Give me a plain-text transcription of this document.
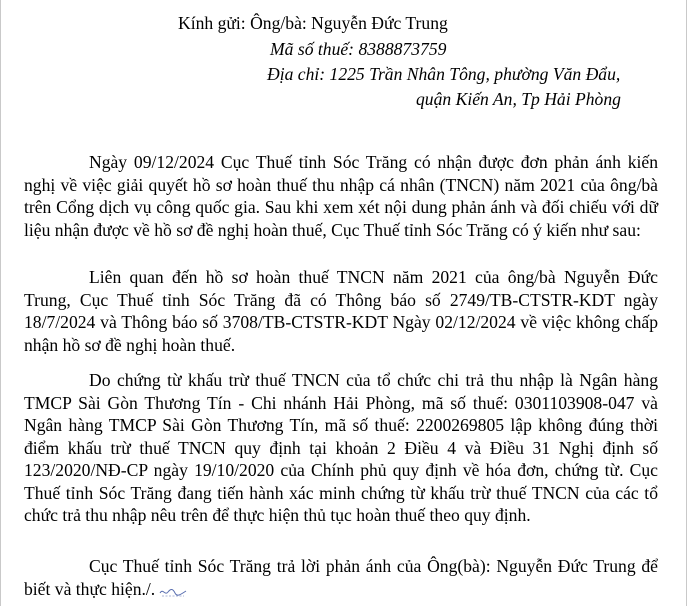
Kính gửi: Ông/bà: Nguyễn Đức Trung
Mã số thuế: 8388873759
Địa chỉ: 1225 Trần Nhân Tông, phường Văn Đẩu,
quận Kiến An, Tp Hải Phòng
Ngày 09/12/2024 Cục Thuế tỉnh Sóc Trăng có nhận được đơn phản ánh kiến nghị về việc giải quyết hồ sơ hoàn thuế thu nhập cá nhân (TNCN) năm 2021 của ông/bà trên Cổng dịch vụ công quốc gia. Sau khi xem xét nội dung phản ánh và đối chiếu với dữ liệu nhận được về hồ sơ đề nghị hoàn thuế, Cục Thuế tỉnh Sóc Trăng có ý kiến như sau:
Liên quan đến hồ sơ hoàn thuế TNCN năm 2021 của ông/bà Nguyễn Đức Trung, Cục Thuế tỉnh Sóc Trăng đã có Thông báo số 2749/TB-CTSTR-KDT ngày 18/7/2024 và Thông báo số 3708/TB-CTSTR-KDT Ngày 02/12/2024 về việc không chấp nhận hồ sơ đề nghị hoàn thuế.
Do chứng từ khấu trừ thuế TNCN của tổ chức chi trả thu nhập là Ngân hàng TMCP Sài Gòn Thương Tín - Chi nhánh Hải Phòng, mã số thuế: 0301103908-047 và Ngân hàng TMCP Sài Gòn Thương Tín, mã số thuế: 2200269805 lập không đúng thời điểm khấu trừ thuế TNCN quy định tại khoản 2 Điều 4 và Điều 31 Nghị định số 123/2020/NĐ-CP ngày 19/10/2020 của Chính phủ quy định về hóa đơn, chứng từ. Cục Thuế tỉnh Sóc Trăng đang tiến hành xác minh chứng từ khấu trừ thuế TNCN của các tổ chức trả thu nhập nêu trên để thực hiện thủ tục hoàn thuế theo quy định.
Cục Thuế tỉnh Sóc Trăng trả lời phản ánh của Ông(bà): Nguyễn Đức Trung để biết và thực hiện./.
